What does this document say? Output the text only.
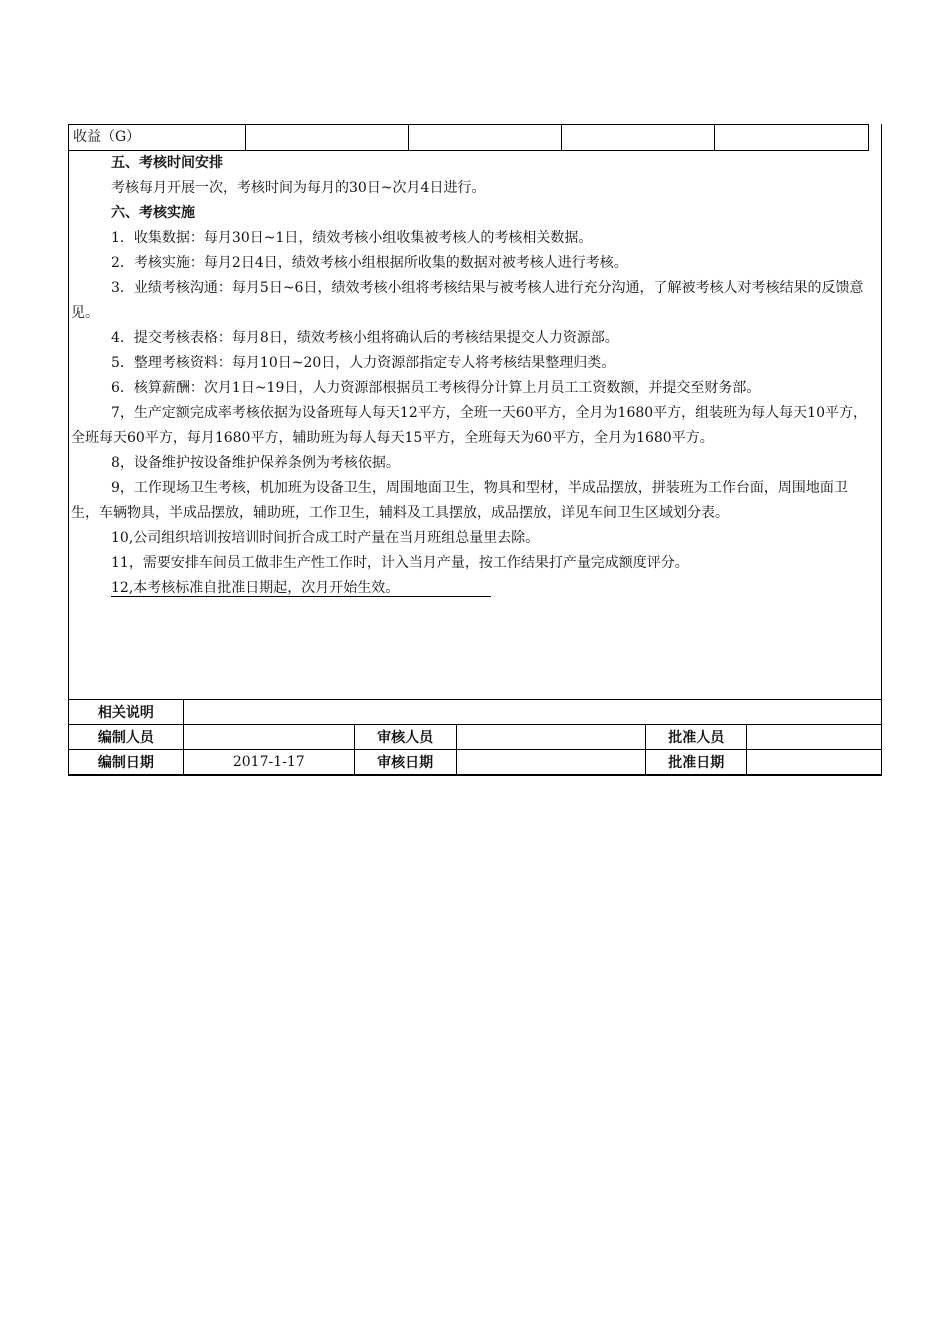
收益（G）

五、考核时间安排

考核每月开展一次，考核时间为每月的30日~次月4日进行。

六、考核实施

1．收集数据：每月30日~1日，绩效考核小组收集被考核人的考核相关数据。

2．考核实施：每月2日4日，绩效考核小组根据所收集的数据对被考核人进行考核。

3．业绩考核沟通：每月5日~6日，绩效考核小组将考核结果与被考核人进行充分沟通，了解被考核人对考核结果的反馈意见。

4．提交考核表格：每月8日，绩效考核小组将确认后的考核结果提交人力资源部。

5．整理考核资料：每月10日~20日，人力资源部指定专人将考核结果整理归类。

6．核算薪酬：次月1日~19日，人力资源部根据员工考核得分计算上月员工工资数额，并提交至财务部。

7，生产定额完成率考核依据为设备班每人每天12平方，全班一天60平方，全月为1680平方，组装班为每人每天10平方，全班每天60平方，每月1680平方，辅助班为每人每天15平方，全班每天为60平方，全月为1680平方。

8，设备维护按设备维护保养条例为考核依据。

9，工作现场卫生考核，机加班为设备卫生，周围地面卫生，物具和型材，半成品摆放，拼装班为工作台面，周围地面卫生，车辆物具，半成品摆放，辅助班，工作卫生，辅料及工具摆放，成品摆放，详见车间卫生区域划分表。

10,公司组织培训按培训时间折合成工时产量在当月班组总量里去除。

11，需要安排车间员工做非生产性工作时，计入当月产量，按工作结果打产量完成额度评分。

12,本考核标准自批准日期起，次月开始生效。

相关说明					
编制人员		审核人员		批准人员	
编制日期	2017-1-17	审核日期		批准日期	
